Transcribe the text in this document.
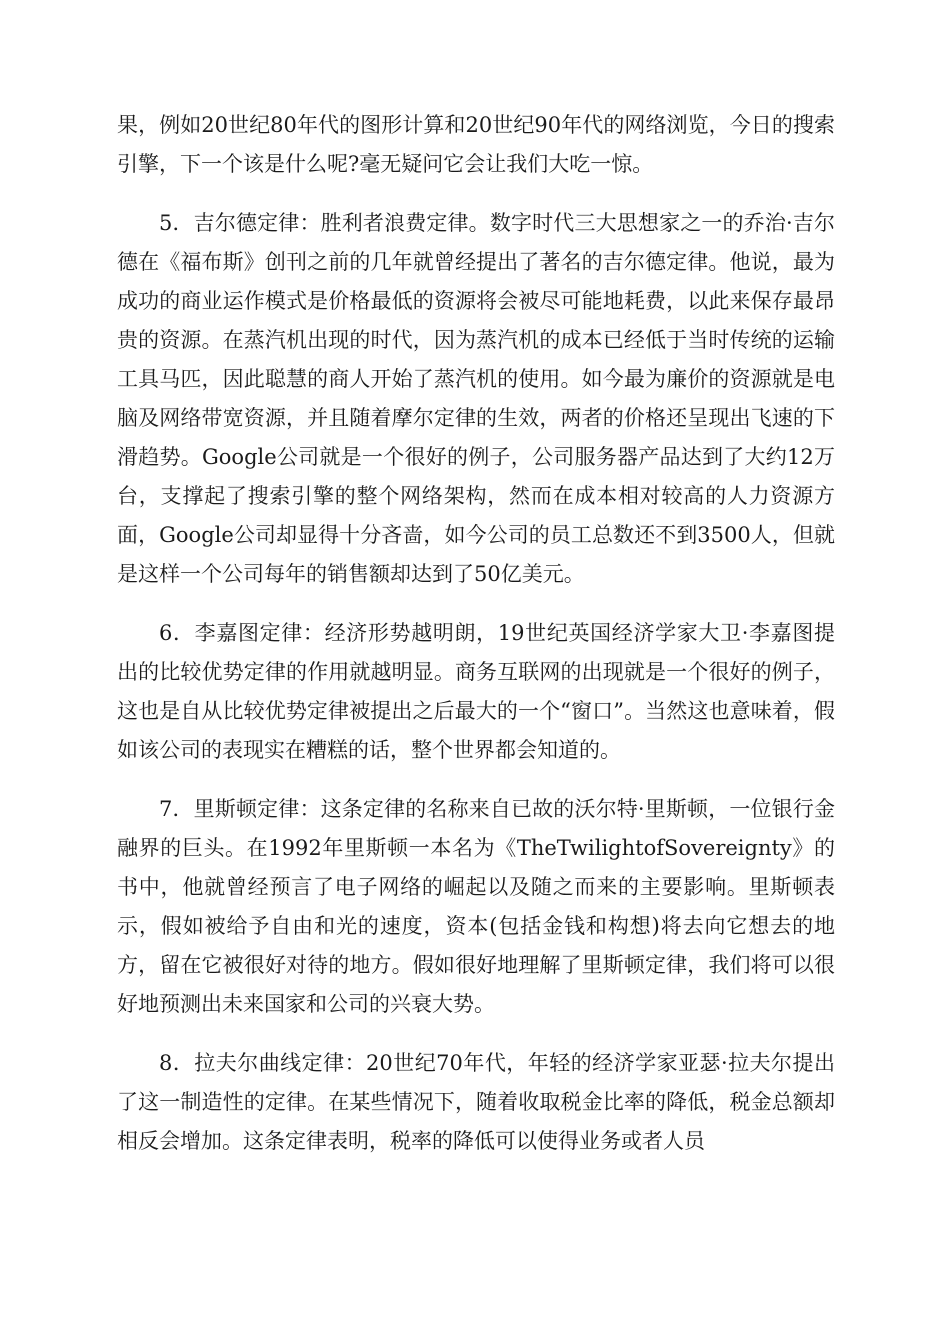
果，例如20世纪80年代的图形计算和20世纪90年代的网络浏览，今日的搜索引擎，下一个该是什么呢?毫无疑问它会让我们大吃一惊。

5．吉尔德定律：胜利者浪费定律。数字时代三大思想家之一的乔治·吉尔德在《福布斯》创刊之前的几年就曾经提出了著名的吉尔德定律。他说，最为成功的商业运作模式是价格最低的资源将会被尽可能地耗费，以此来保存最昂贵的资源。在蒸汽机出现的时代，因为蒸汽机的成本已经低于当时传统的运输工具马匹，因此聪慧的商人开始了蒸汽机的使用。如今最为廉价的资源就是电脑及网络带宽资源，并且随着摩尔定律的生效，两者的价格还呈现出飞速的下滑趋势。Google公司就是一个很好的例子，公司服务器产品达到了大约12万台，支撑起了搜索引擎的整个网络架构，然而在成本相对较高的人力资源方面，Google公司却显得十分吝啬，如今公司的员工总数还不到3500人，但就是这样一个公司每年的销售额却达到了50亿美元。

6．李嘉图定律：经济形势越明朗，19世纪英国经济学家大卫·李嘉图提出的比较优势定律的作用就越明显。商务互联网的出现就是一个很好的例子，这也是自从比较优势定律被提出之后最大的一个“窗口”。当然这也意味着，假如该公司的表现实在糟糕的话，整个世界都会知道的。

7．里斯顿定律：这条定律的名称来自已故的沃尔特·里斯顿，一位银行金融界的巨头。在1992年里斯顿一本名为《TheTwilightofSovereignty》的书中，他就曾经预言了电子网络的崛起以及随之而来的主要影响。里斯顿表示，假如被给予自由和光的速度，资本(包括金钱和构想)将去向它想去的地方，留在它被很好对待的地方。假如很好地理解了里斯顿定律，我们将可以很好地预测出未来国家和公司的兴衰大势。

8．拉夫尔曲线定律：20世纪70年代，年轻的经济学家亚瑟·拉夫尔提出了这一制造性的定律。在某些情况下，随着收取税金比率的降低，税金总额却相反会增加。这条定律表明，税率的降低可以使得业务或者人员
